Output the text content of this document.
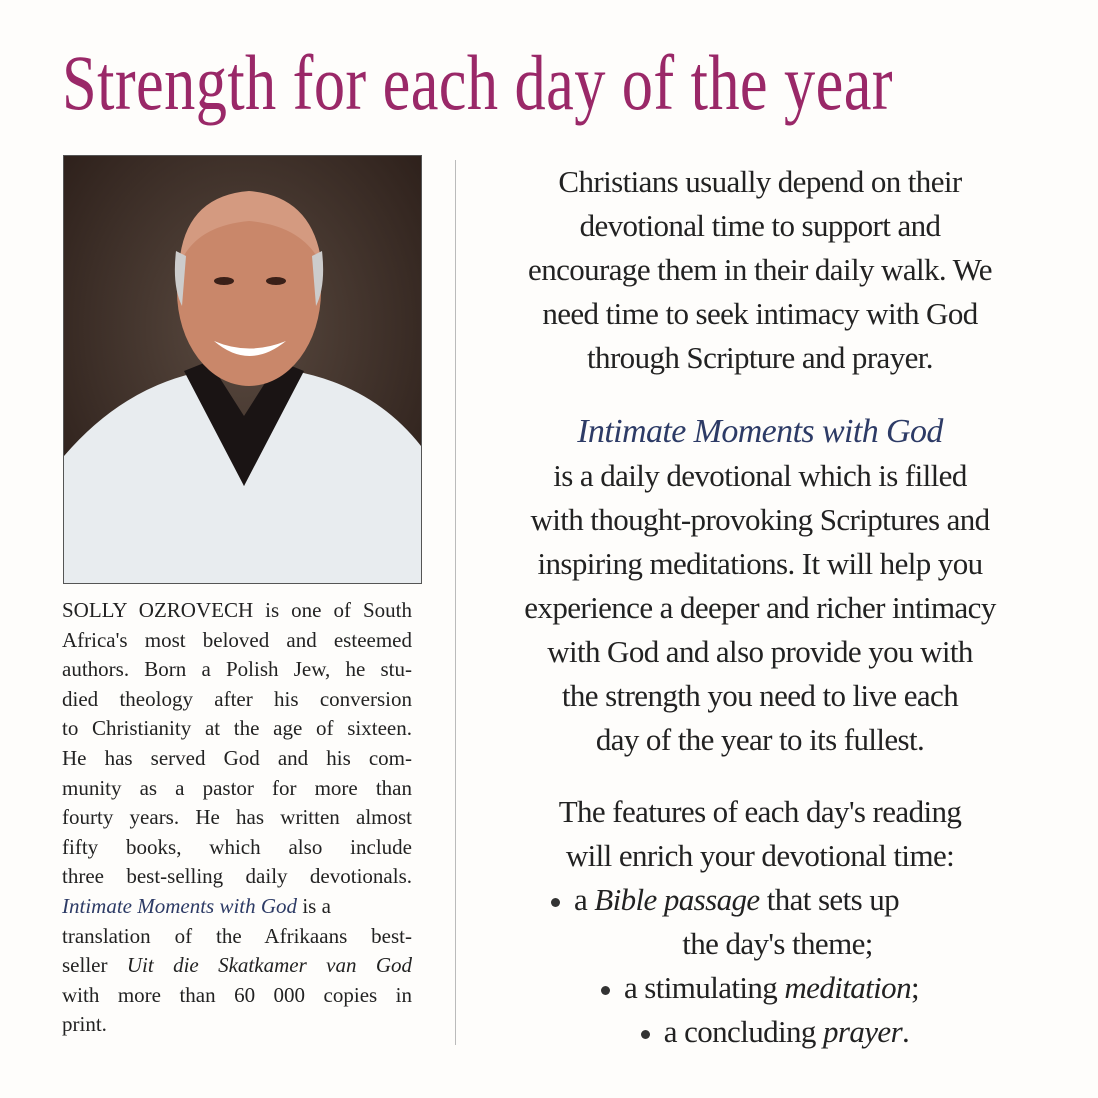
Strength for each day of the year
SOLLY OZROVECH is one of South
Africa's most beloved and esteemed
authors. Born a Polish Jew, he stu-
died theology after his conversion
to Christianity at the age of sixteen.
He has served God and his com-
munity as a pastor for more than
fourty years. He has written almost
fifty books, which also include
three best-selling daily devotionals.
Intimate Moments with God is a
translation of the Afrikaans best-
seller Uit die Skatkamer van God
with more than 60 000 copies in
print.
Christians usually depend on their
devotional time to support and
encourage them in their daily walk. We
need time to seek intimacy with God
through Scripture and prayer.
Intimate Moments with God
is a daily devotional which is filled
with thought-provoking Scriptures and
inspiring meditations. It will help you
experience a deeper and richer intimacy
with God and also provide you with
the strength you need to live each
day of the year to its fullest.
The features of each day's reading
will enrich your devotional time:
a Bible passage that sets up
the day's theme;
a stimulating meditation;
a concluding prayer.
